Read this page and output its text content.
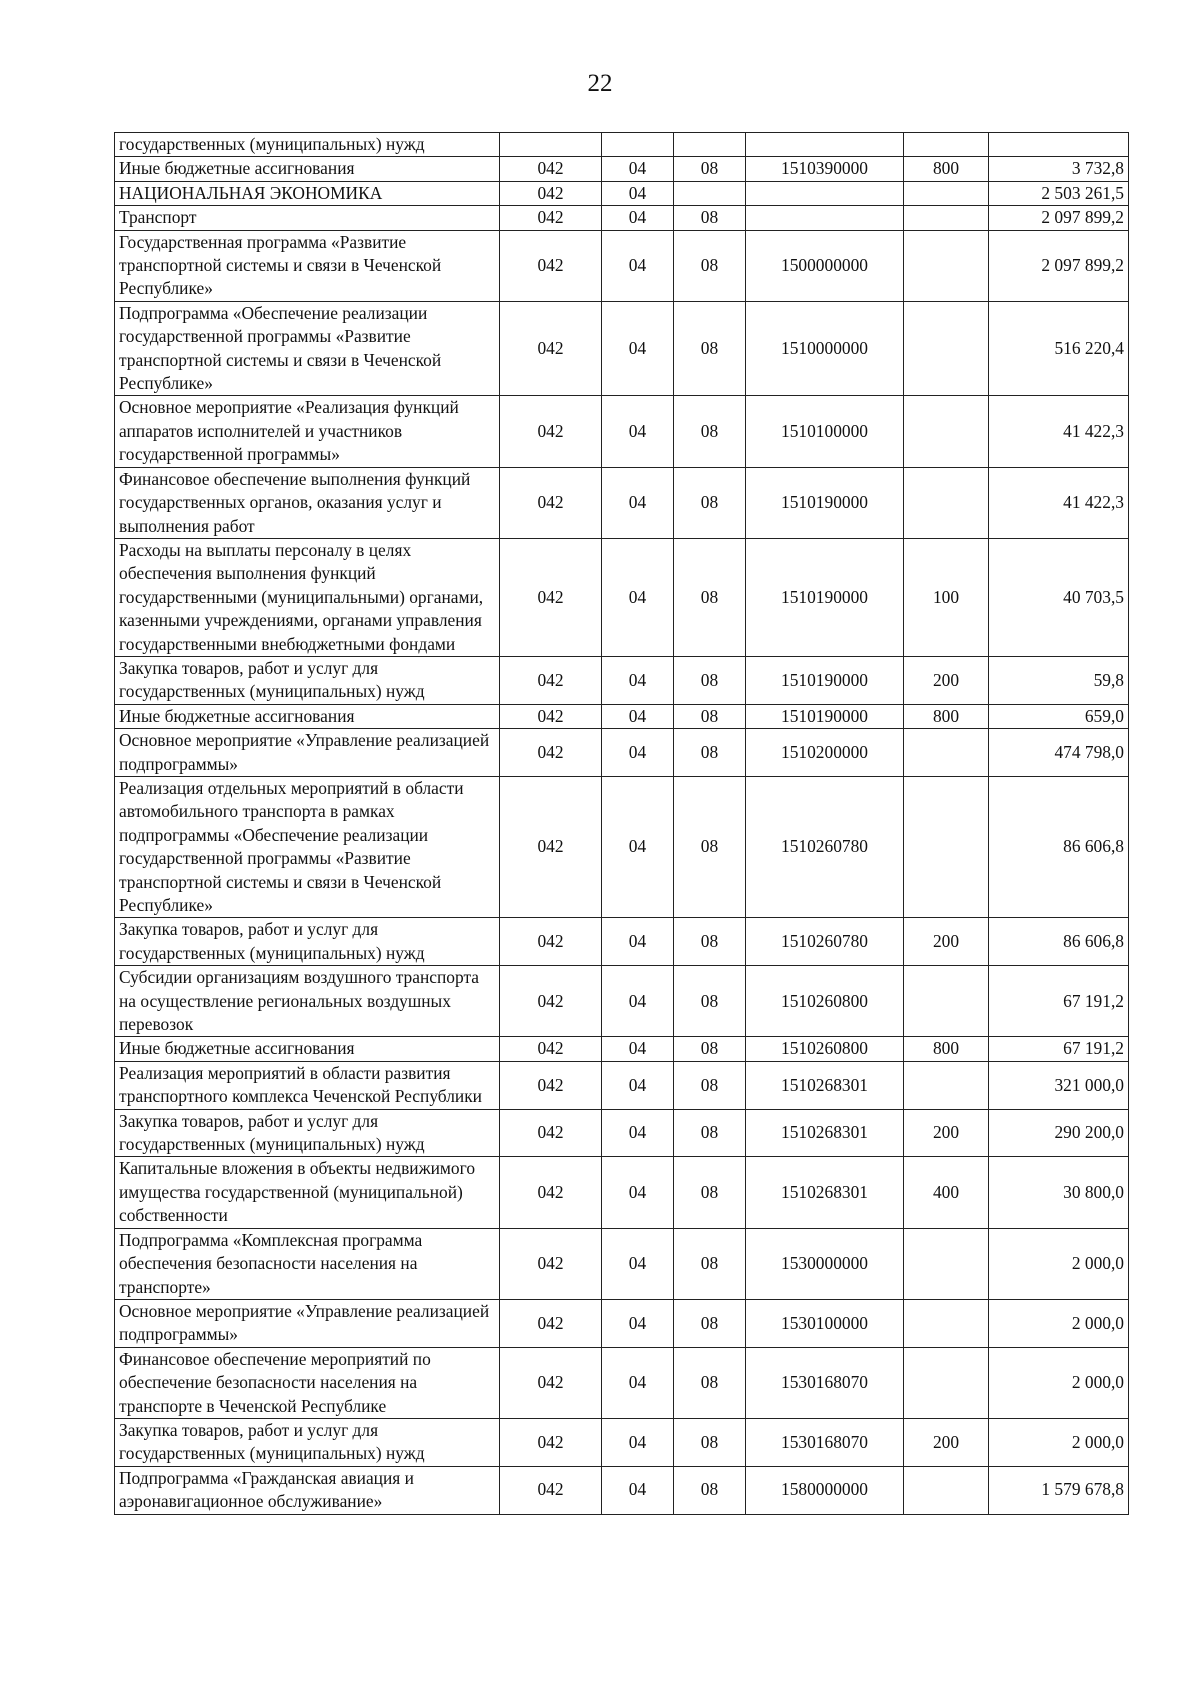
22
государственных (муниципальных) нужд						
Иные бюджетные ассигнования	042	04	08	1510390000	800	3 732,8
НАЦИОНАЛЬНАЯ ЭКОНОМИКА	042	04				2 503 261,5
Транспорт	042	04	08			2 097 899,2
Государственная программа «Развитие транспортной системы и связи в Чеченской Республике»	042	04	08	1500000000		2 097 899,2
Подпрограмма «Обеспечение реализации государственной программы «Развитие транспортной системы и связи в Чеченской Республике»	042	04	08	1510000000		516 220,4
Основное мероприятие «Реализация функций аппаратов исполнителей и участников государственной программы»	042	04	08	1510100000		41 422,3
Финансовое обеспечение выполнения функций государственных органов, оказания услуг и выполнения работ	042	04	08	1510190000		41 422,3
Расходы на выплаты персоналу в целях обеспечения выполнения функций государственными (муниципальными) органами, казенными учреждениями, органами управления государственными внебюджетными фондами	042	04	08	1510190000	100	40 703,5
Закупка товаров, работ и услуг для государственных (муниципальных) нужд	042	04	08	1510190000	200	59,8
Иные бюджетные ассигнования	042	04	08	1510190000	800	659,0
Основное мероприятие «Управление реализацией подпрограммы»	042	04	08	1510200000		474 798,0
Реализация отдельных мероприятий в области автомобильного транспорта в рамках подпрограммы «Обеспечение реализации государственной программы «Развитие транспортной системы и связи в Чеченской Республике»	042	04	08	1510260780		86 606,8
Закупка товаров, работ и услуг для государственных (муниципальных) нужд	042	04	08	1510260780	200	86 606,8
Субсидии организациям воздушного транспорта на осуществление региональных воздушных перевозок	042	04	08	1510260800		67 191,2
Иные бюджетные ассигнования	042	04	08	1510260800	800	67 191,2
Реализация мероприятий в области развития транспортного комплекса Чеченской Республики	042	04	08	1510268301		321 000,0
Закупка товаров, работ и услуг для государственных (муниципальных) нужд	042	04	08	1510268301	200	290 200,0
Капитальные вложения в объекты недвижимого имущества государственной (муниципальной) собственности	042	04	08	1510268301	400	30 800,0
Подпрограмма «Комплексная программа обеспечения безопасности населения на транспорте»	042	04	08	1530000000		2 000,0
Основное мероприятие «Управление реализацией подпрограммы»	042	04	08	1530100000		2 000,0
Финансовое обеспечение мероприятий по обеспечение безопасности населения на транспорте в Чеченской Республике	042	04	08	1530168070		2 000,0
Закупка товаров, работ и услуг для государственных (муниципальных) нужд	042	04	08	1530168070	200	2 000,0
Подпрограмма «Гражданская авиация и аэронавигационное обслуживание»	042	04	08	1580000000		1 579 678,8
